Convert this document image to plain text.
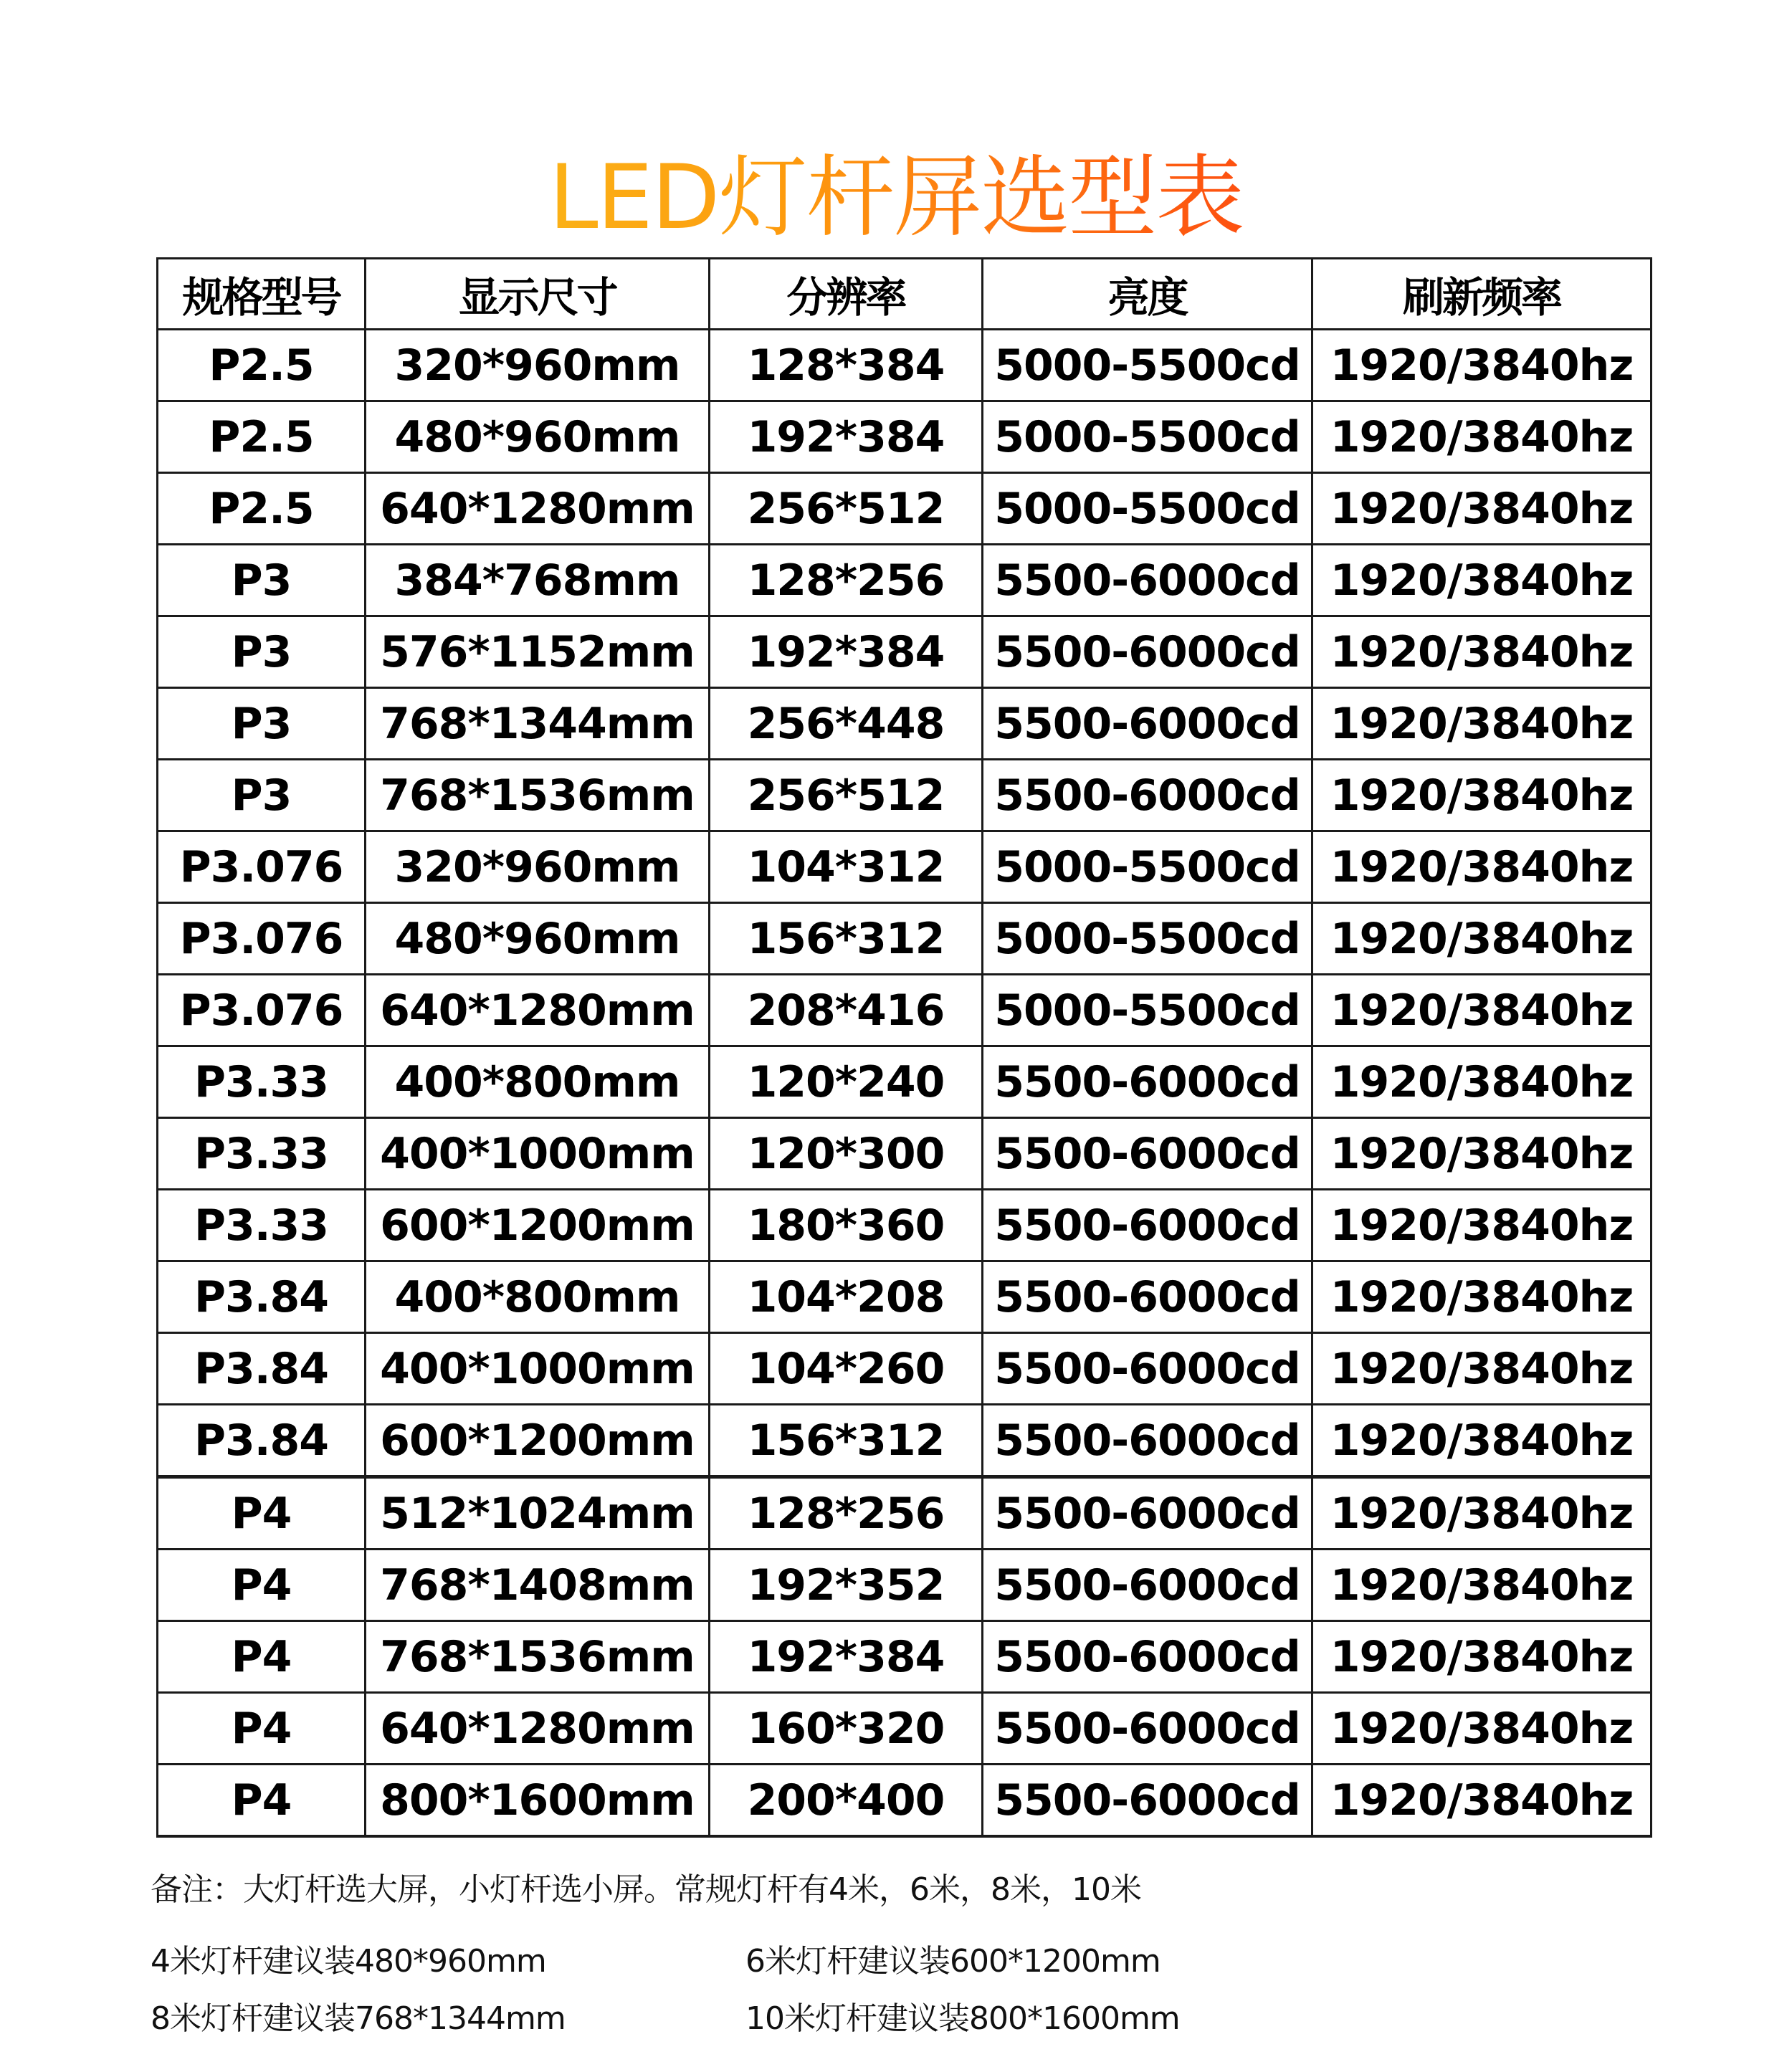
LED灯杆屏选型表
规格型号	显示尺寸	分辨率	亮度	刷新频率
P2.5	320*960mm	128*384	5000-5500cd	1920/3840hz
P2.5	480*960mm	192*384	5000-5500cd	1920/3840hz
P2.5	640*1280mm	256*512	5000-5500cd	1920/3840hz
P3	384*768mm	128*256	5500-6000cd	1920/3840hz
P3	576*1152mm	192*384	5500-6000cd	1920/3840hz
P3	768*1344mm	256*448	5500-6000cd	1920/3840hz
P3	768*1536mm	256*512	5500-6000cd	1920/3840hz
P3.076	320*960mm	104*312	5000-5500cd	1920/3840hz
P3.076	480*960mm	156*312	5000-5500cd	1920/3840hz
P3.076	640*1280mm	208*416	5000-5500cd	1920/3840hz
P3.33	400*800mm	120*240	5500-6000cd	1920/3840hz
P3.33	400*1000mm	120*300	5500-6000cd	1920/3840hz
P3.33	600*1200mm	180*360	5500-6000cd	1920/3840hz
P3.84	400*800mm	104*208	5500-6000cd	1920/3840hz
P3.84	400*1000mm	104*260	5500-6000cd	1920/3840hz
P3.84	600*1200mm	156*312	5500-6000cd	1920/3840hz
P4	512*1024mm	128*256	5500-6000cd	1920/3840hz
P4	768*1408mm	192*352	5500-6000cd	1920/3840hz
P4	768*1536mm	192*384	5500-6000cd	1920/3840hz
P4	640*1280mm	160*320	5500-6000cd	1920/3840hz
P4	800*1600mm	200*400	5500-6000cd	1920/3840hz
备注：大灯杆选大屏，小灯杆选小屏。常规灯杆有4米，6米，8米，10米
4米灯杆建议装480*960mm	6米灯杆建议装600*1200mm
8米灯杆建议装768*1344mm	10米灯杆建议装800*1600mm
